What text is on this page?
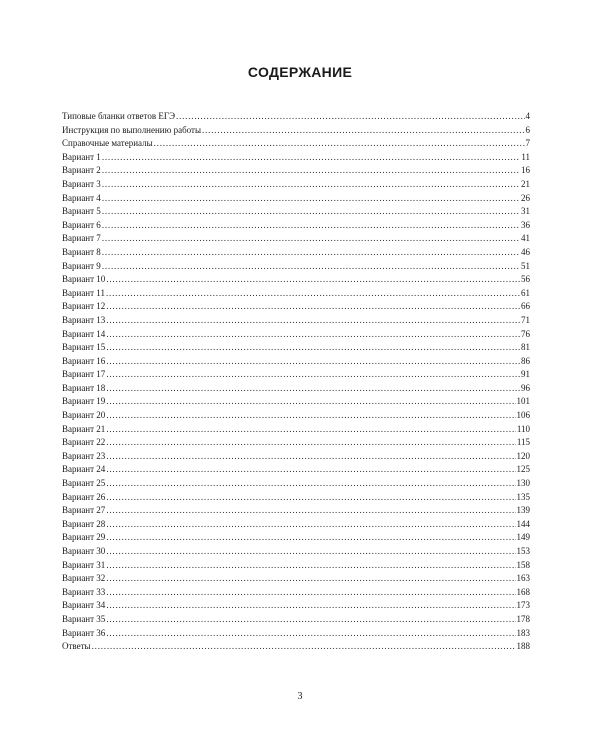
СОДЕРЖАНИЕ
Типовые бланки ответов ЕГЭ .....	4
Инструкция по выполнению работы .....	6
Справочные материалы .....	7
Вариант 1 .....	11
Вариант 2 .....	16
Вариант 3 .....	21
Вариант 4 .....	26
Вариант 5 .....	31
Вариант 6 .....	36
Вариант 7 .....	41
Вариант 8 .....	46
Вариант 9 .....	51
Вариант 10 .....	56
Вариант 11 .....	61
Вариант 12 .....	66
Вариант 13 .....	71
Вариант 14 .....	76
Вариант 15 .....	81
Вариант 16 .....	86
Вариант 17 .....	91
Вариант 18 .....	96
Вариант 19 .....	101
Вариант 20 .....	106
Вариант 21 .....	110
Вариант 22 .....	115
Вариант 23 .....	120
Вариант 24 .....	125
Вариант 25 .....	130
Вариант 26 .....	135
Вариант 27 .....	139
Вариант 28 .....	144
Вариант 29 .....	149
Вариант 30 .....	153
Вариант 31 .....	158
Вариант 32 .....	163
Вариант 33 .....	168
Вариант 34 .....	173
Вариант 35 .....	178
Вариант 36 .....	183
Ответы .....	188
3
